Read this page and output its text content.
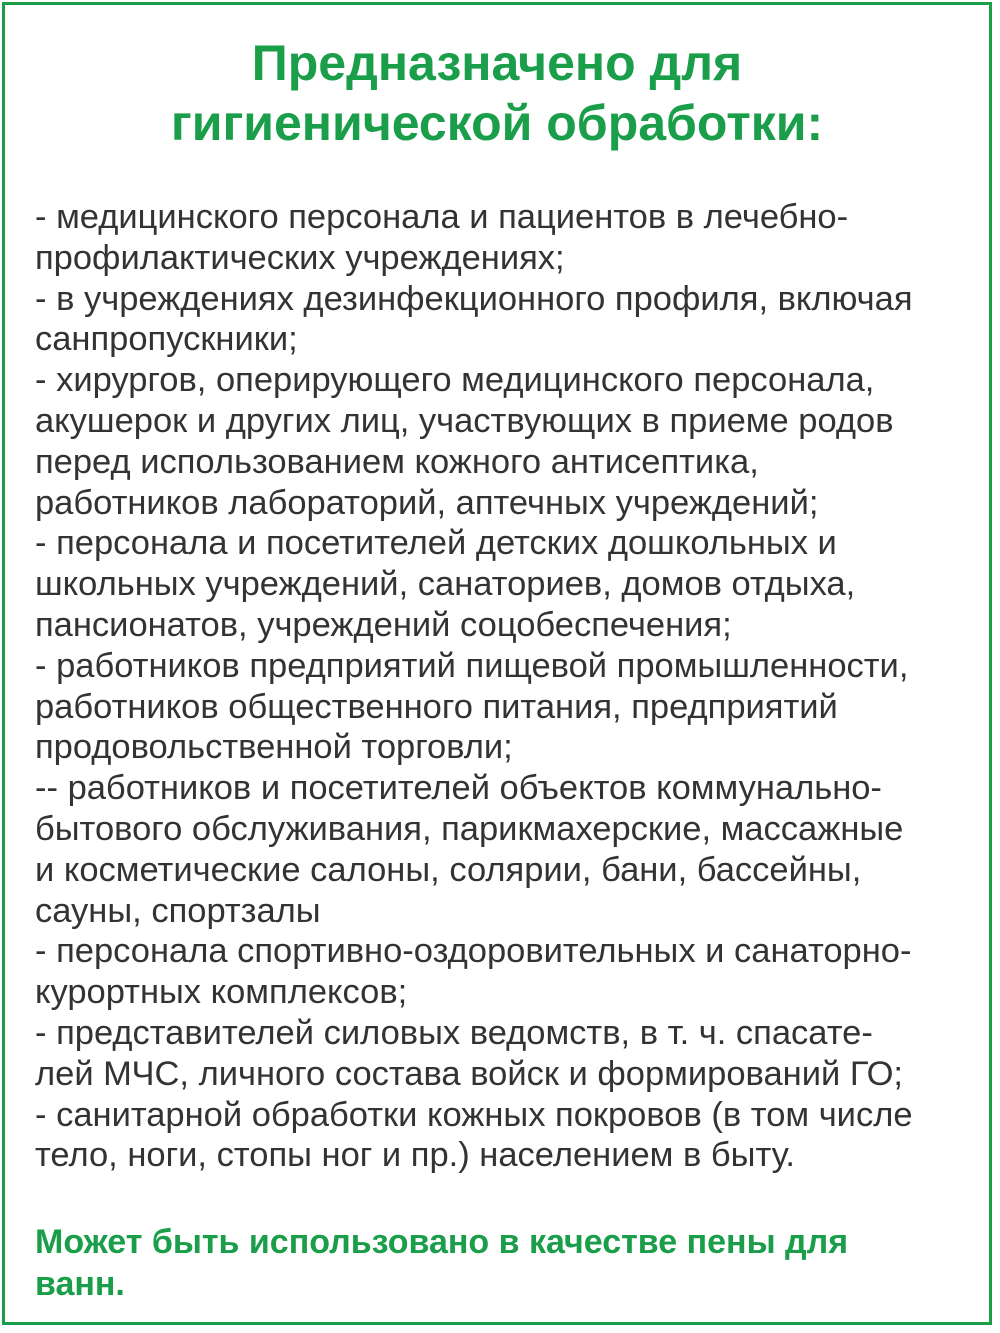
Предназначено для
гигиенической обработки:
- медицинского персонала и пациентов в лечебно-
профилактических учреждениях;
- в учреждениях дезинфекционного профиля, включая
санпропускники;
- хирургов, оперирующего медицинского персонала,
акушерок и других лиц, участвующих в приеме родов
перед использованием кожного антисептика,
работников лабораторий, аптечных учреждений;
- персонала и посетителей детских дошкольных и
школьных учреждений, санаториев, домов отдыха,
пансионатов, учреждений соцобеспечения;
- работников предприятий пищевой промышленности,
работников общественного питания, предприятий
продовольственной торговли;
-- работников и посетителей объектов коммунально-
бытового обслуживания, парикмахерские, массажные
и косметические салоны, солярии, бани, бассейны,
сауны, спортзалы
- персонала спортивно-оздоровительных и санаторно-
курортных комплексов;
- представителей силовых ведомств, в т. ч. спасате-
лей МЧС, личного состава войск и формирований ГО;
- санитарной обработки кожных покровов (в том числе
тело, ноги, стопы ног и пр.) населением в быту.
Может быть использовано в качестве пены для
ванн.
